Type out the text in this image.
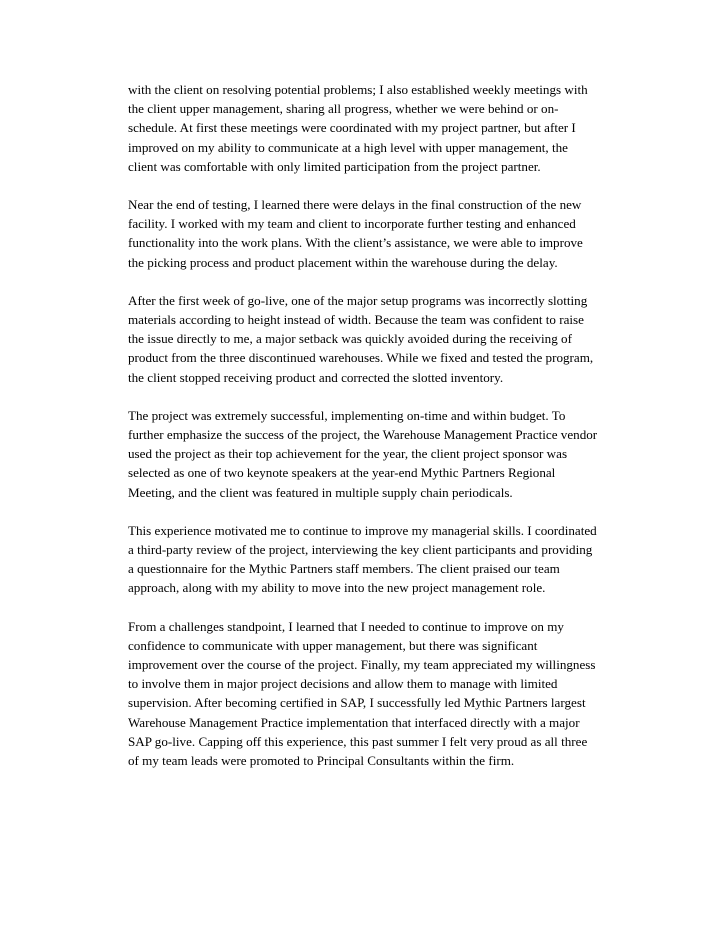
with the client on resolving potential problems; I also established weekly meetings with
the client upper management, sharing all progress, whether we were behind or on-
schedule. At first these meetings were coordinated with my project partner, but after I
improved on my ability to communicate at a high level with upper management, the
client was comfortable with only limited participation from the project partner.

Near the end of testing, I learned there were delays in the final construction of the new
facility. I worked with my team and client to incorporate further testing and enhanced
functionality into the work plans. With the client’s assistance, we were able to improve
the picking process and product placement within the warehouse during the delay.

After the first week of go-live, one of the major setup programs was incorrectly slotting
materials according to height instead of width. Because the team was confident to raise
the issue directly to me, a major setback was quickly avoided during the receiving of
product from the three discontinued warehouses. While we fixed and tested the program,
the client stopped receiving product and corrected the slotted inventory.

The project was extremely successful, implementing on-time and within budget. To
further emphasize the success of the project, the Warehouse Management Practice vendor
used the project as their top achievement for the year, the client project sponsor was
selected as one of two keynote speakers at the year-end Mythic Partners Regional
Meeting, and the client was featured in multiple supply chain periodicals.

This experience motivated me to continue to improve my managerial skills. I coordinated
a third-party review of the project, interviewing the key client participants and providing
a questionnaire for the Mythic Partners staff members. The client praised our team
approach, along with my ability to move into the new project management role.

From a challenges standpoint, I learned that I needed to continue to improve on my
confidence to communicate with upper management, but there was significant
improvement over the course of the project. Finally, my team appreciated my willingness
to involve them in major project decisions and allow them to manage with limited
supervision. After becoming certified in SAP, I successfully led Mythic Partners largest
Warehouse Management Practice implementation that interfaced directly with a major
SAP go-live. Capping off this experience, this past summer I felt very proud as all three
of my team leads were promoted to Principal Consultants within the firm.
